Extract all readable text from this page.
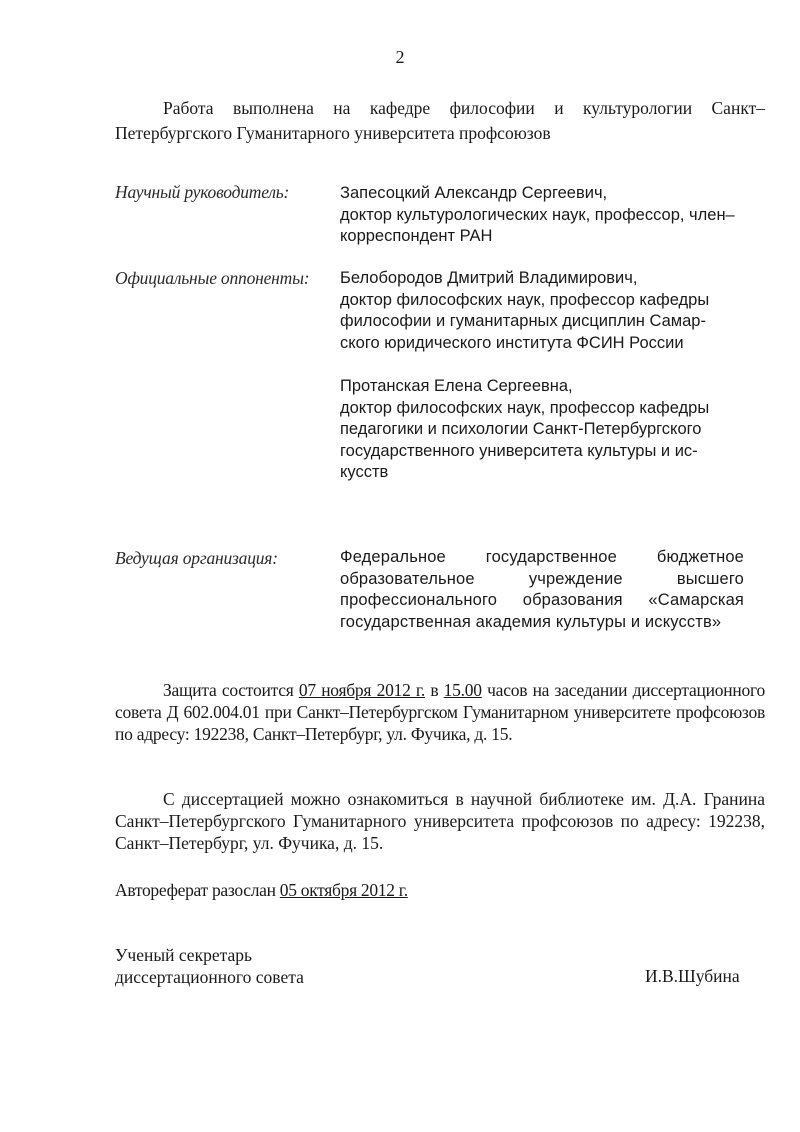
2
Работа выполнена на кафедре философии и культурологии Санкт–Петербургского Гуманитарного университета профсоюзов
Научный руководитель:	Запесоцкий Александр Сергеевич,
доктор культурологических наук, профессор, член–
корреспондент РАН
Официальные оппоненты: Белобородов Дмитрий Владимирович,
доктор философских наук, профессор кафедры
философии и гуманитарных дисциплин Самар-
ского юридического института ФСИН России
Протанская Елена Сергеевна,
доктор философских наук, профессор кафедры
педагогики и психологии Санкт-Петербургского
государственного университета культуры и ис-
кусств
Ведущая организация:	Федеральное государственное бюджетное образовательное учреждение высшего профессионального образования «Самарская государственная академия культуры и искусств»
Защита состоится 07 ноября 2012 г. в 15.00 часов на заседании диссертационного совета Д 602.004.01 при Санкт–Петербургском Гуманитарном университете профсоюзов по адресу: 192238, Санкт–Петербург, ул. Фучика, д. 15.
С диссертацией можно ознакомиться в научной библиотеке им. Д.А. Гранина Санкт–Петербургского Гуманитарного университета профсоюзов по адресу: 192238, Санкт–Петербург, ул. Фучика, д. 15.
Автореферат разослан 05 октября 2012 г.
Ученый секретарь
диссертационного совета	И.В.Шубина
